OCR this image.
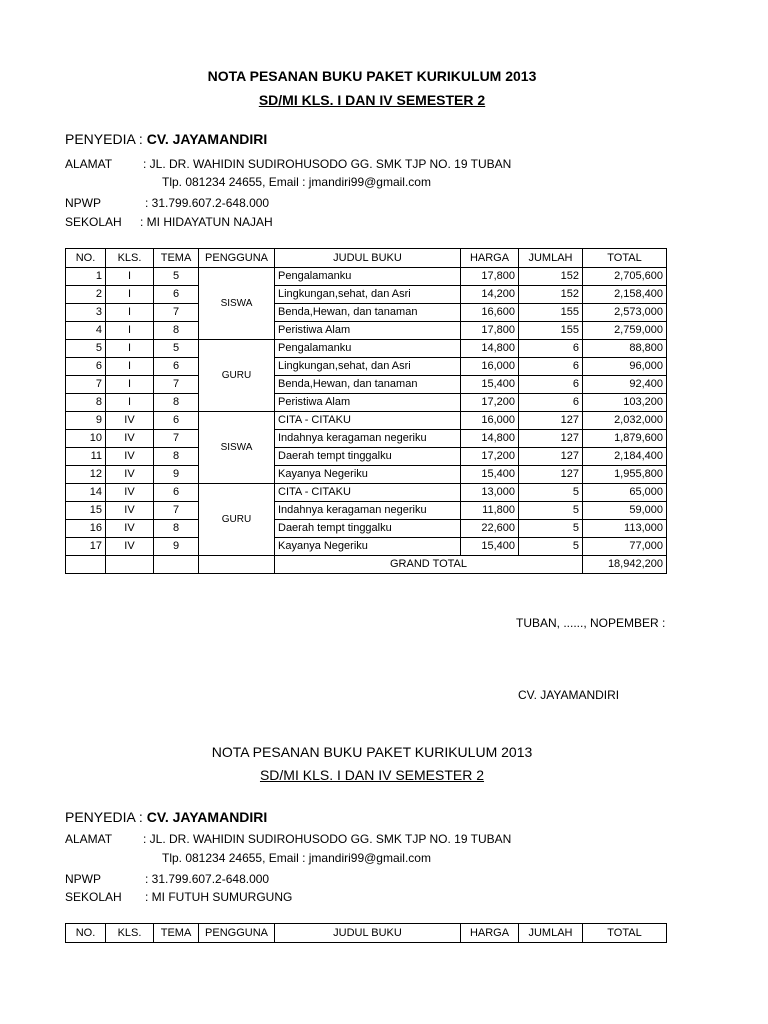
NOTA PESANAN BUKU PAKET KURIKULUM 2013
SD/MI KLS. I DAN IV SEMESTER 2
PENYEDIA : CV. JAYAMANDIRI
ALAMAT	: JL. DR. WAHIDIN SUDIROHUSODO GG. SMK TJP NO. 19 TUBAN
Tlp. 081234 24655, Email : jmandiri99@gmail.com
NPWP	: 31.799.607.2-648.000
SEKOLAH : MI HIDAYATUN NAJAH
NO.	KLS.	TEMA	PENGGUNA	JUDUL BUKU	HARGA	JUMLAH	TOTAL
1	I	5	SISWA	Pengalamanku	17,800	152	2,705,600
2	I	6		Lingkungan,sehat, dan Asri	14,200	152	2,158,400
3	I	7		Benda,Hewan, dan tanaman	16,600	155	2,573,000
4	I	8		Peristiwa Alam	17,800	155	2,759,000
5	I	5	GURU	Pengalamanku	14,800	6	88,800
6	I	6		Lingkungan,sehat, dan Asri	16,000	6	96,000
7	I	7		Benda,Hewan, dan tanaman	15,400	6	92,400
8	I	8		Peristiwa Alam	17,200	6	103,200
9	IV	6	SISWA	CITA - CITAKU	16,000	127	2,032,000
10	IV	7		Indahnya keragaman negeriku	14,800	127	1,879,600
11	IV	8		Daerah tempt tinggalku	17,200	127	2,184,400
12	IV	9		Kayanya Negeriku	15,400	127	1,955,800
14	IV	6	GURU	CITA - CITAKU	13,000	5	65,000
15	IV	7		Indahnya keragaman negeriku	11,800	5	59,000
16	IV	8		Daerah tempt tinggalku	22,600	5	113,000
17	IV	9		Kayanya Negeriku	15,400	5	77,000
				GRAND TOTAL			18,942,200
TUBAN, ......, NOPEMBER :
CV. JAYAMANDIRI
NOTA PESANAN BUKU PAKET KURIKULUM 2013
SD/MI KLS. I DAN IV SEMESTER 2
PENYEDIA : CV. JAYAMANDIRI
ALAMAT	: JL. DR. WAHIDIN SUDIROHUSODO GG. SMK TJP NO. 19 TUBAN
Tlp. 081234 24655, Email : jmandiri99@gmail.com
NPWP	: 31.799.607.2-648.000
SEKOLAH : MI FUTUH SUMURGUNG
NO.	KLS.	TEMA	PENGGUNA	JUDUL BUKU	HARGA	JUMLAH	TOTAL
